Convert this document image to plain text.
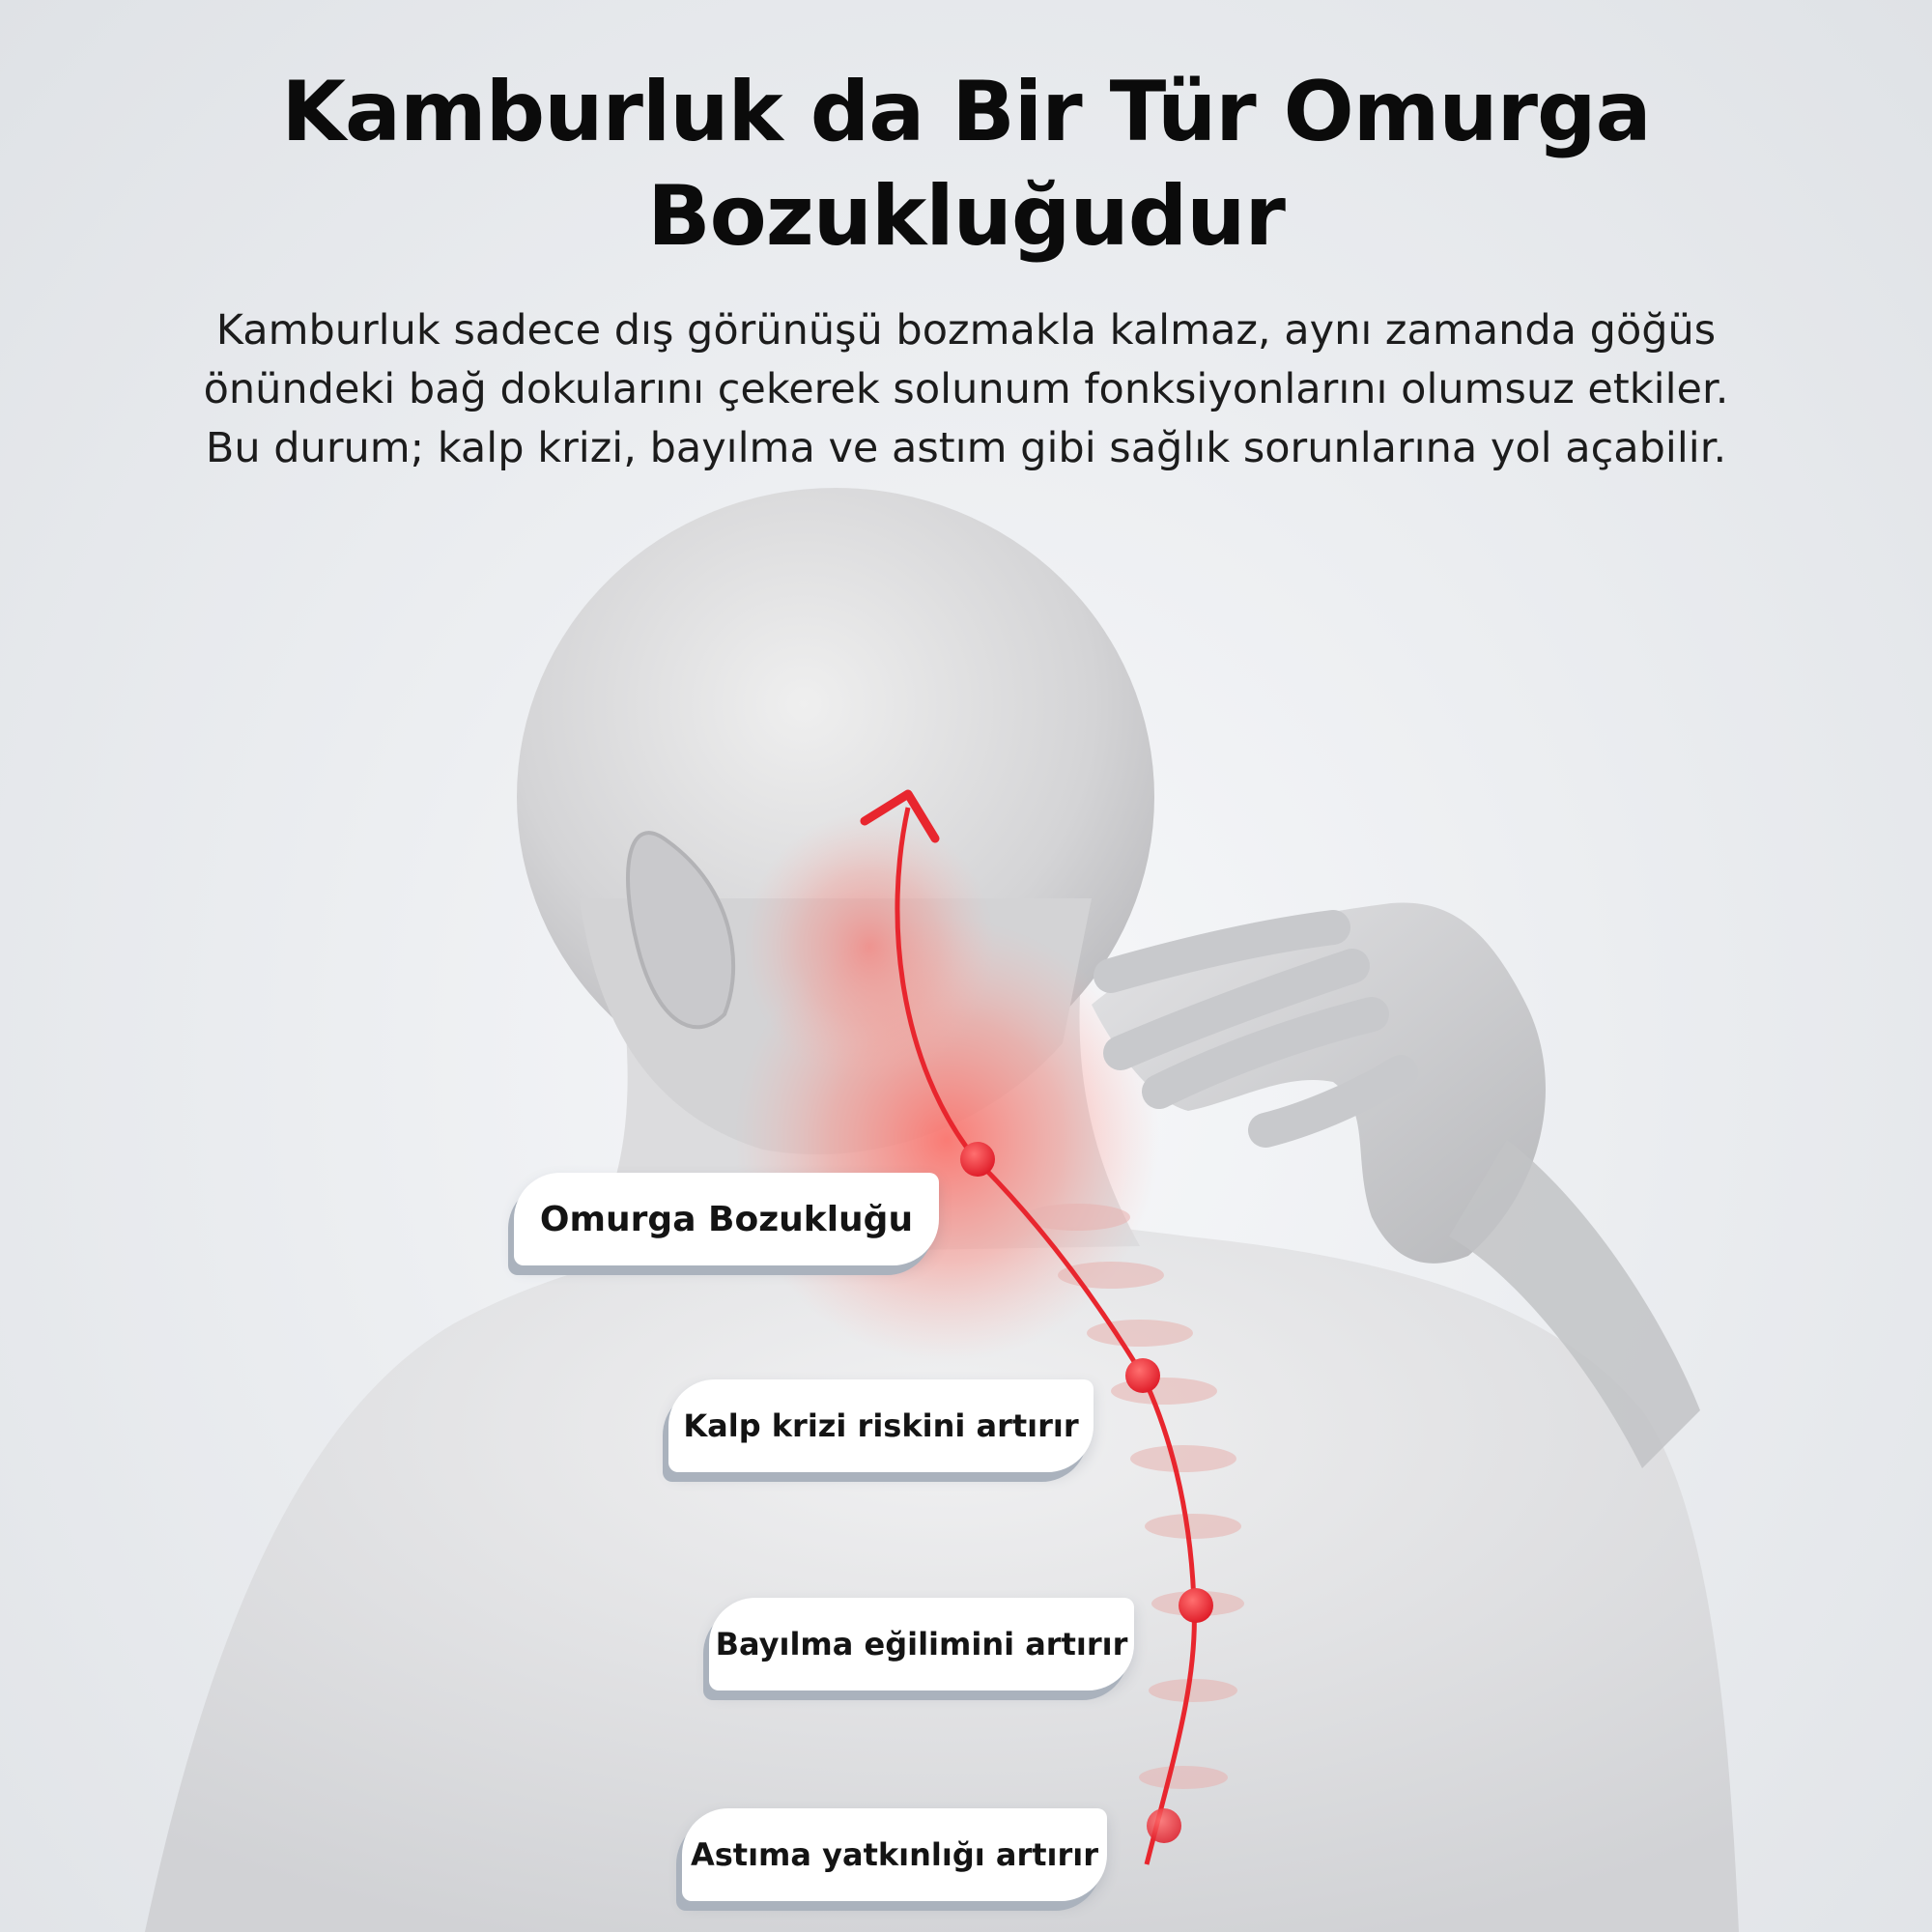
Kamburluk da Bir Tür Omurga
Bozukluğudur

Kamburluk sadece dış görünüşü bozmakla kalmaz, aynı zamanda göğüs
önündeki bağ dokularını çekerek solunum fonksiyonlarını olumsuz etkiler.
Bu durum; kalp krizi, bayılma ve astım gibi sağlık sorunlarına yol açabilir.

Omurga Bozukluğu
Kalp krizi riskini artırır
Bayılma eğilimini artırır
Astıma yatkınlığı artırır
